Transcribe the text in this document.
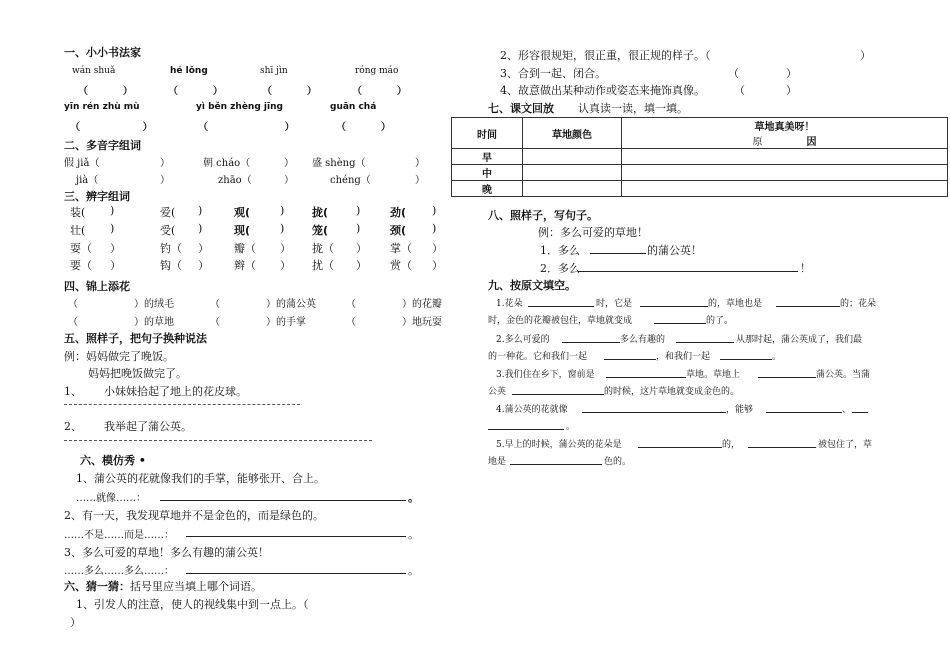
一、小小书法家
wán shuǎ	hé lǒng	shī jìn	róng máo
（          ）	（          ）	（          ）	（          ）
yīn rén zhù mù	yì běn zhèng jīng	guān chá
（                  ）	（                      ）	（          ）
二、多音字组词
假 jiǎ（	）	朝 cháo（	） 盛 shèng（	）
jià（	）	zhāo（	）	chéng（	）
三、辨字组词
装( )	爱( )	观(	)	拢(	)	劲( )
壮( )	受( )	现(	)	笼(	)	颈( )
耍（ ）	钓（ ） 瓣（ ） 拢（ ） 掌（ ）
要（ ）	钩（ ） 辫（ ） 扰（ ） 赏（ ）
四、锦上添花
（	）的绒毛	（	）的蒲公英	（	）的花瓣
（	）的草地	（	）的手掌	（	）地玩耍
五、照样子，把句子换种说法
例：妈妈做完了晚饭。
妈妈把晚饭做完了。
1、 小妹妹拾起了地上的花皮球。
2、 我举起了蒲公英。
六、模仿秀 •
1、蒲公英的花就像我们的手掌，能够张开、合上。
……就像……：	。
2、有一天，我发现草地并不是金色的，而是绿色的。
……不是……而是……：	。
3、多么可爱的草地！多么有趣的蒲公英！
……多么……多么……：	。
六、猜一猜：括号里应当填上哪个词语。
1、引发人的注意，使人的视线集中到一点上。（
）
2、形容很规矩，很正重，很正规的样子。（	）
3、合到一起、闭合。	（	）
4、故意做出某种动作或姿态来掩饰真像。	（	）
七、课文回放 认真读一读，填一填。
时间	草地颜色	草地真美呀！
原 因

早		
中		
晚		
八、照样子，写句子。
例：多么可爱的草地！
1．多么	的蒲公英！
2．多么	！
九、按原文填空。
1.花朵	时，它是	的，草地也是	的；花朵
时，金色的花瓣被包住，草地就变成	的了。
2.多么可爱的	多么有趣的	从那时起，蒲公英成了，我们最
的一种花。它和我们一起	，和我们一起	。
3.我们住在乡下，窗前是	草地。草地上	蒲公英。当蒲
公英	的时候，这片草地就变成金色的。
4.蒲公英的花就像	，能够	、
。
5.早上的时候，蒲公英的花朵是	的，	被包住了，草
地是	色的。
